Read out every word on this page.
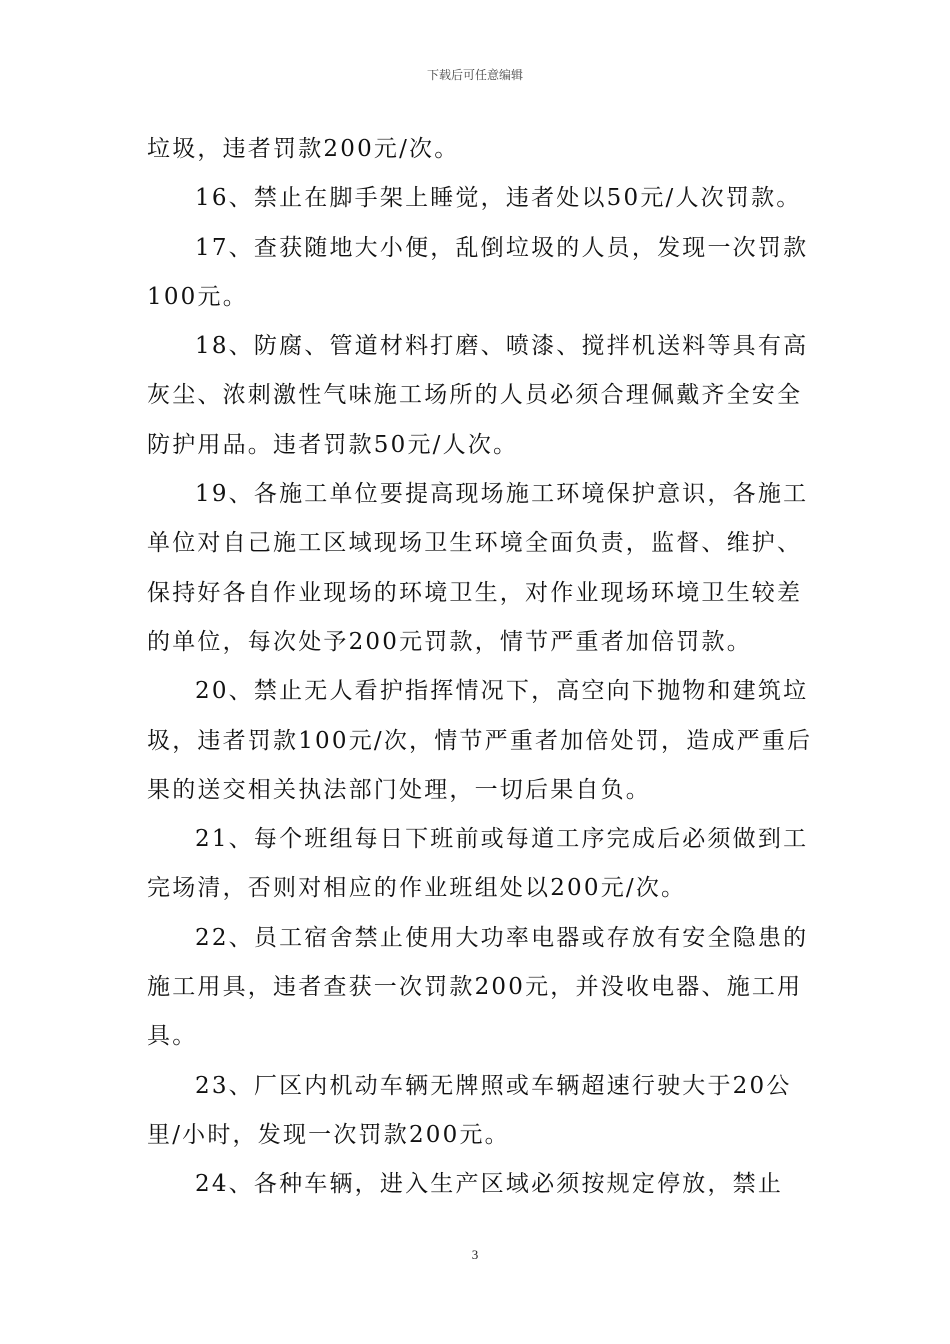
下载后可任意编辑

垃圾，违者罚款200元/次。

16、禁止在脚手架上睡觉，违者处以50元/人次罚款。

17、查获随地大小便，乱倒垃圾的人员，发现一次罚款100元。

18、防腐、管道材料打磨、喷漆、搅拌机送料等具有高灰尘、浓刺激性气味施工场所的人员必须合理佩戴齐全安全防护用品。违者罚款50元/人次。

19、各施工单位要提高现场施工环境保护意识，各施工单位对自己施工区域现场卫生环境全面负责，监督、维护、保持好各自作业现场的环境卫生，对作业现场环境卫生较差的单位，每次处予200元罚款，情节严重者加倍罚款。

20、禁止无人看护指挥情况下，高空向下抛物和建筑垃圾，违者罚款100元/次，情节严重者加倍处罚，造成严重后果的送交相关执法部门处理，一切后果自负。

21、每个班组每日下班前或每道工序完成后必须做到工完场清，否则对相应的作业班组处以200元/次。

22、员工宿舍禁止使用大功率电器或存放有安全隐患的施工用具，违者查获一次罚款200元，并没收电器、施工用具。

23、厂区内机动车辆无牌照或车辆超速行驶大于20公里/小时，发现一次罚款200元。

24、各种车辆，进入生产区域必须按规定停放，禁止

3
